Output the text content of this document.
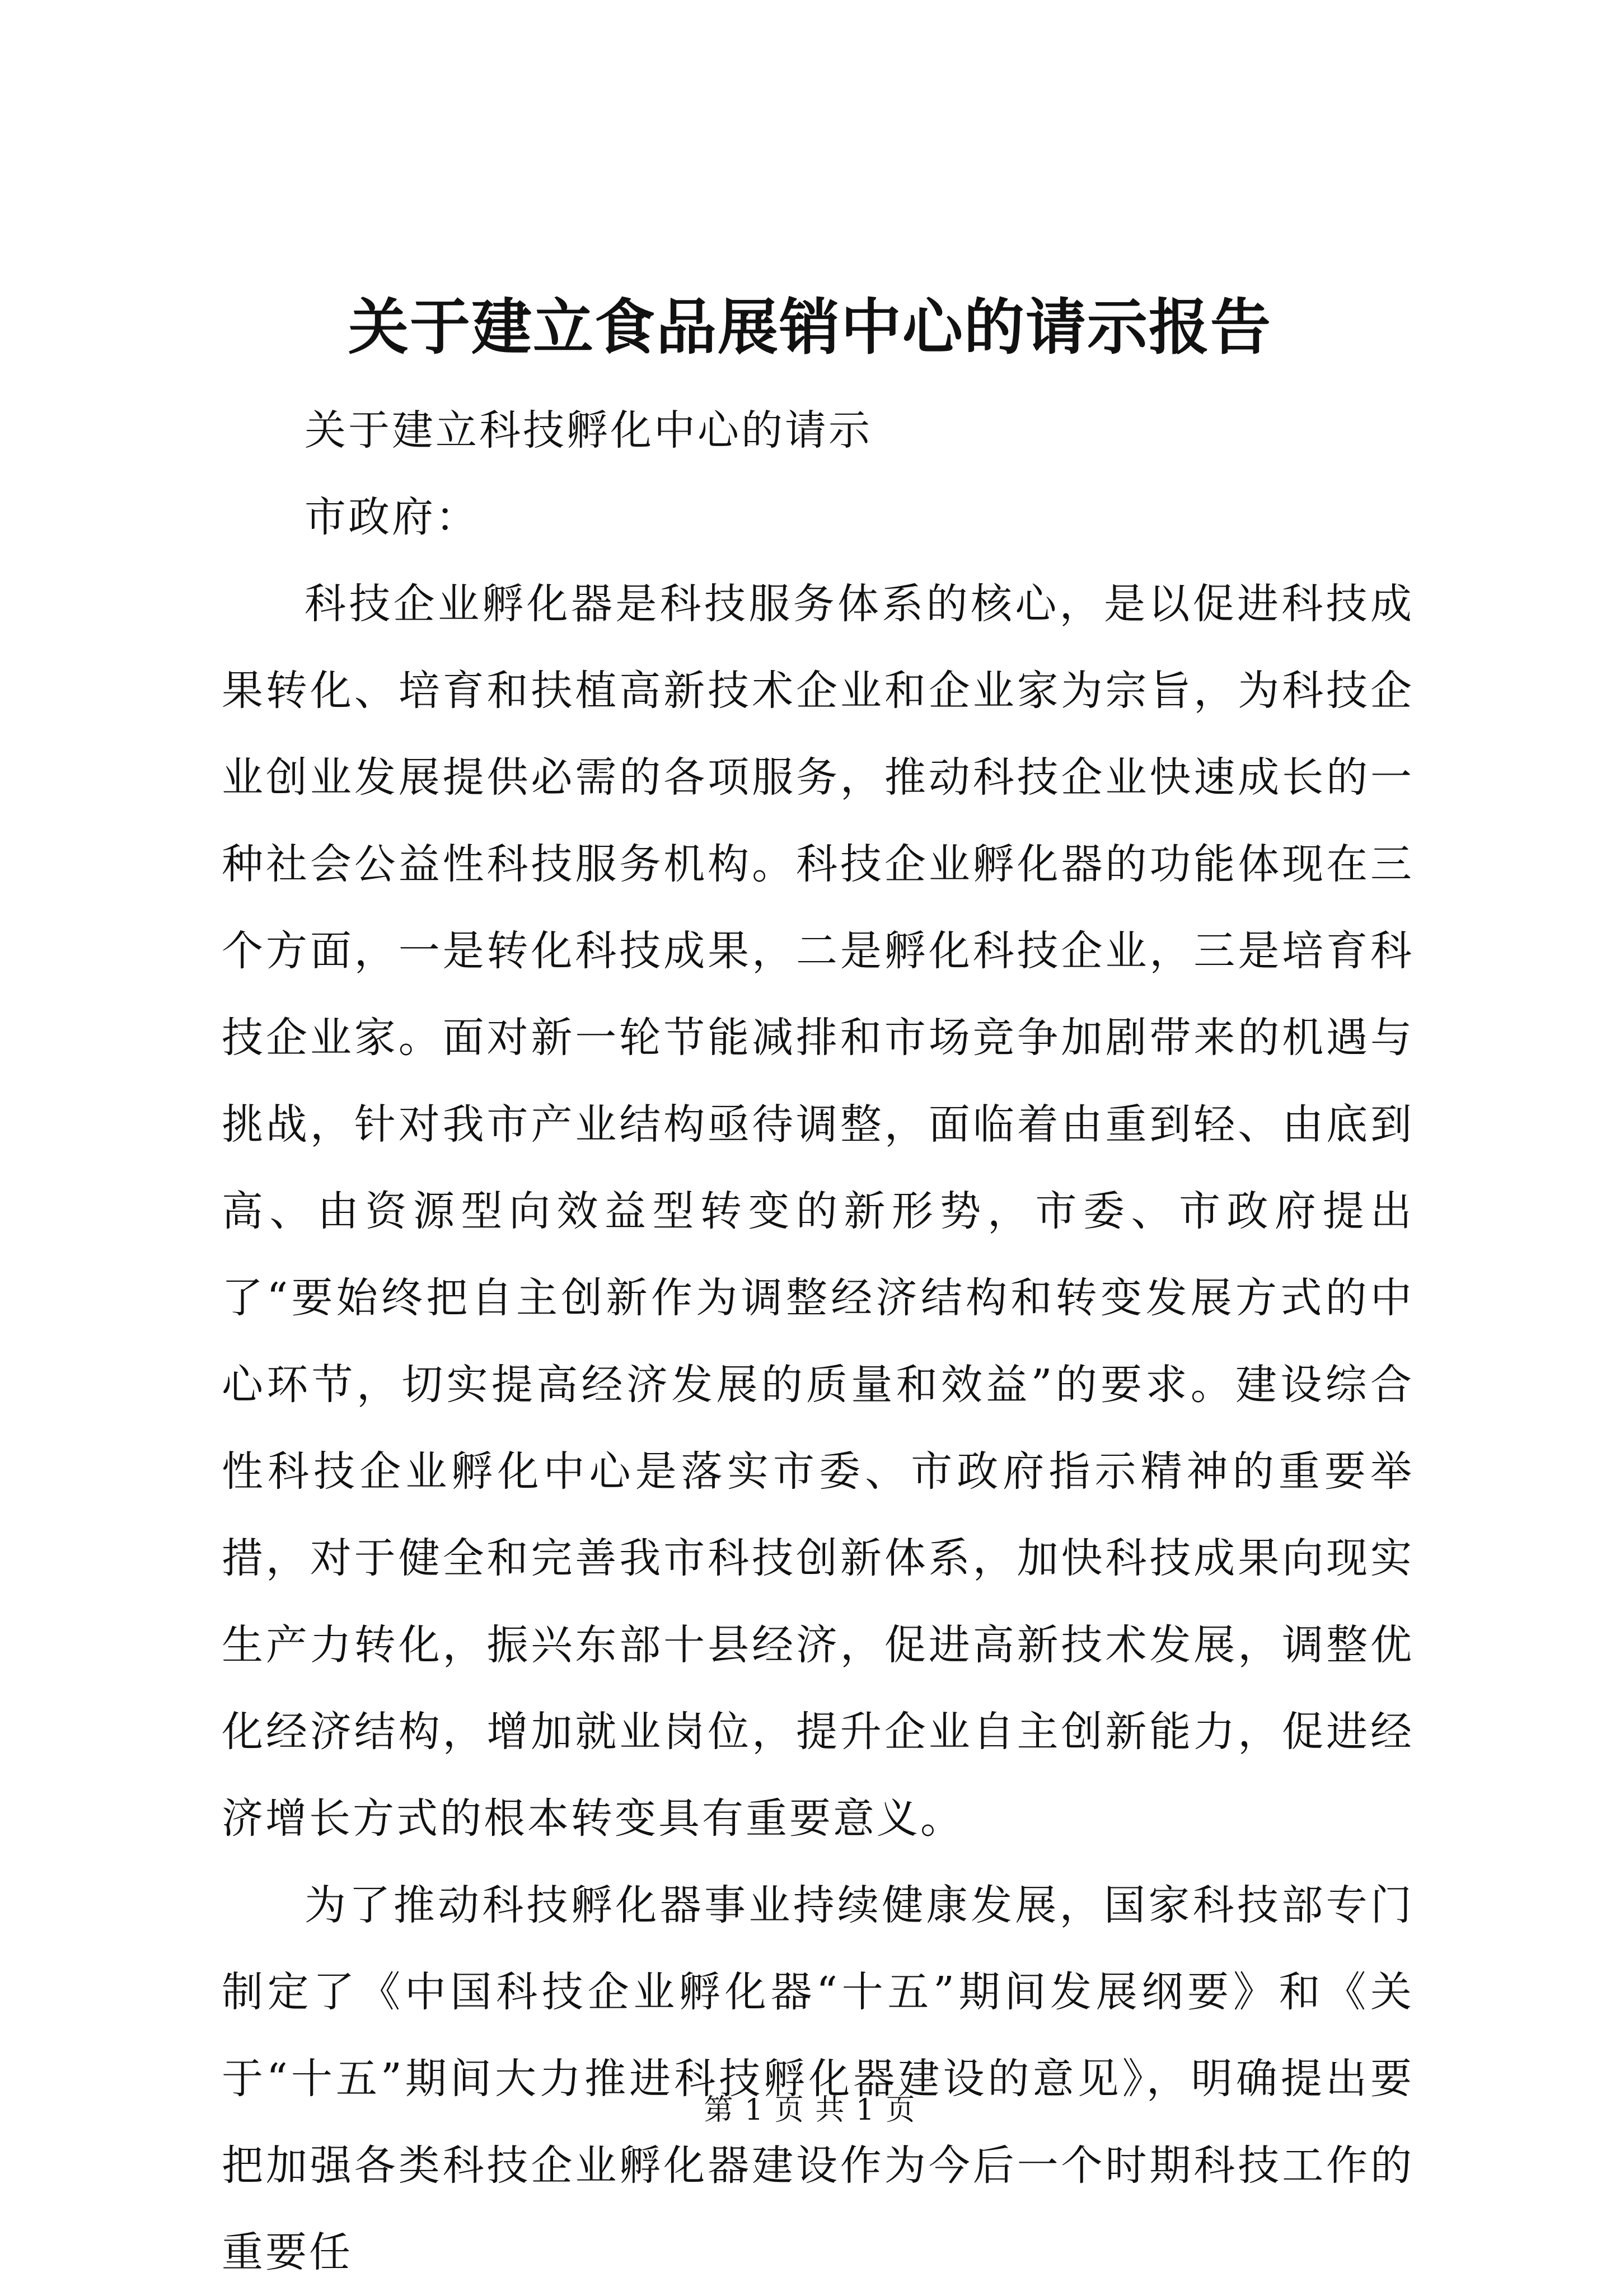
关于建立食品展销中心的请示报告

关于建立科技孵化中心的请示

市政府：

科技企业孵化器是科技服务体系的核心，是以促进科技成果转化、培育和扶植高新技术企业和企业家为宗旨，为科技企业创业发展提供必需的各项服务，推动科技企业快速成长的一种社会公益性科技服务机构。科技企业孵化器的功能体现在三个方面，一是转化科技成果，二是孵化科技企业，三是培育科技企业家。面对新一轮节能减排和市场竞争加剧带来的机遇与挑战，针对我市产业结构亟待调整，面临着由重到轻、由底到高、由资源型向效益型转变的新形势，市委、市政府提出了“要始终把自主创新作为调整经济结构和转变发展方式的中心环节，切实提高经济发展的质量和效益”的要求。建设综合性科技企业孵化中心是落实市委、市政府指示精神的重要举措，对于健全和完善我市科技创新体系，加快科技成果向现实生产力转化，振兴东部十县经济，促进高新技术发展，调整优化经济结构，增加就业岗位，提升企业自主创新能力，促进经济增长方式的根本转变具有重要意义。

为了推动科技孵化器事业持续健康发展，国家科技部专门制定了《中国科技企业孵化器“十五”期间发展纲要》和《关于“十五”期间大力推进科技孵化器建设的意见》，明确提出要把加强各类科技企业孵化器建设作为今后一个时期科技工作的重要任

第 1 页 共 1 页
